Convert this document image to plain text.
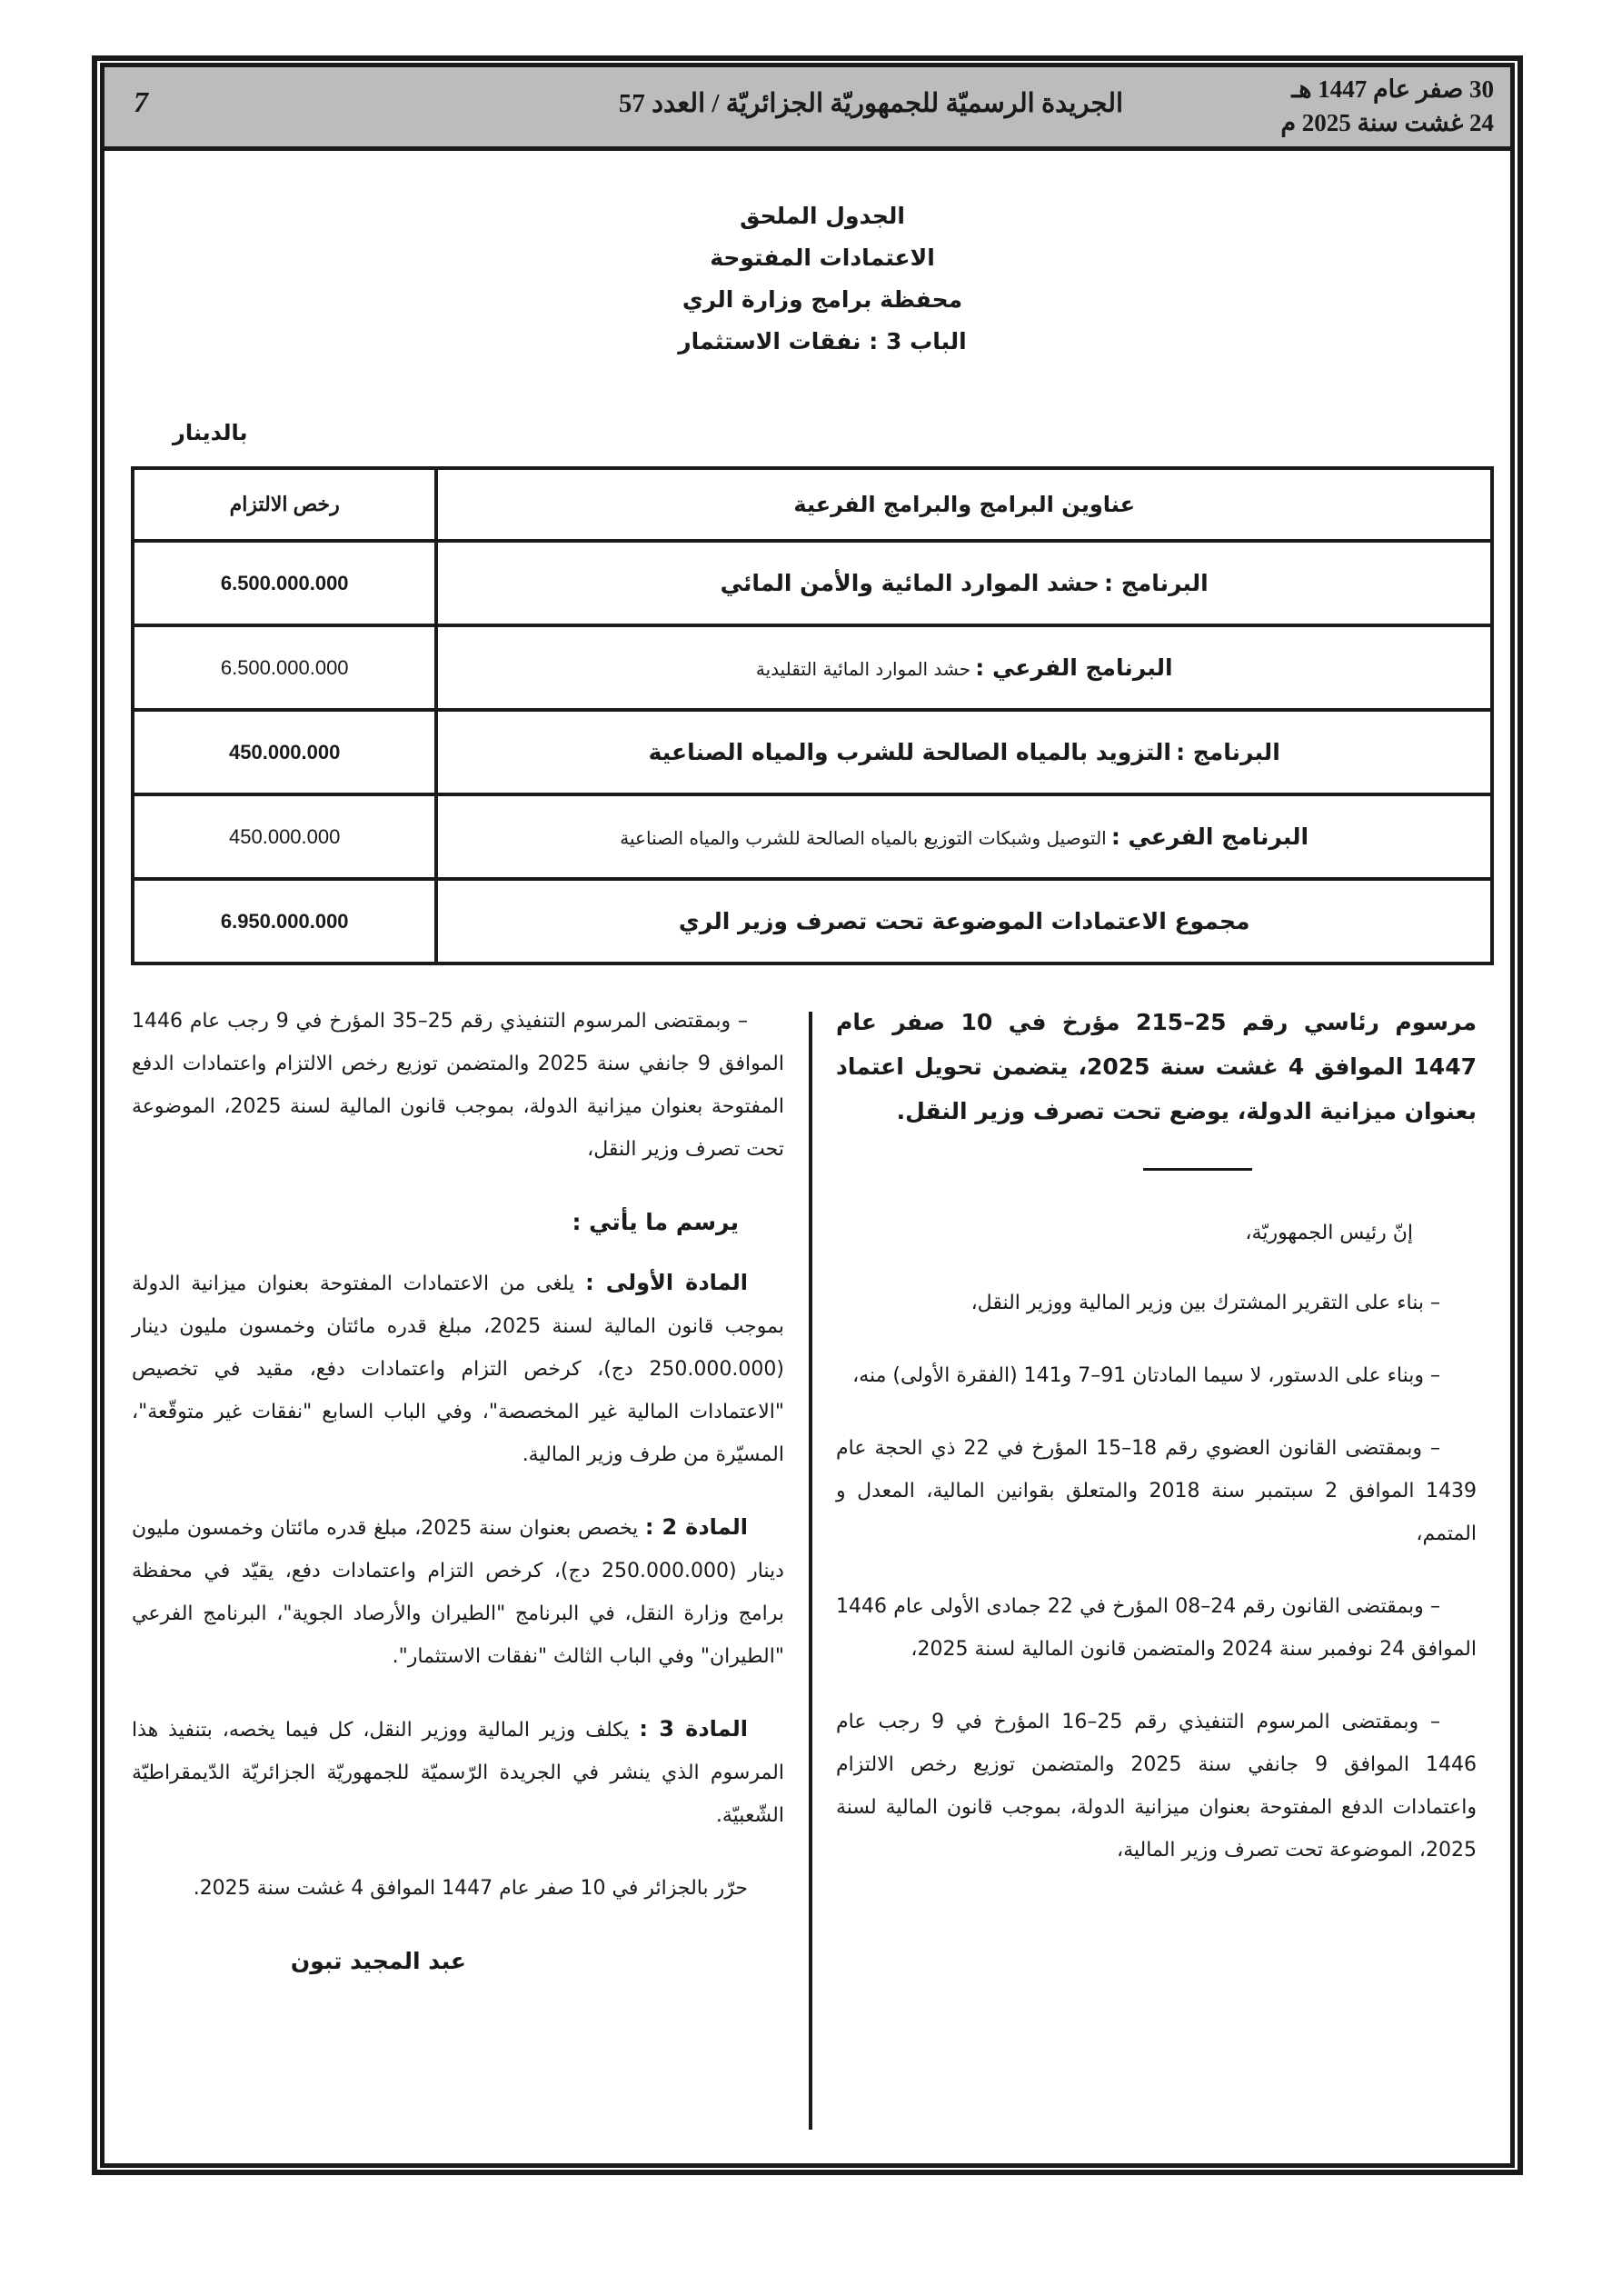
30 صفر عام 1447 هـ
24 غشت سنة 2025 م
الجريدة الرسميّة للجمهوريّة الجزائريّة / العدد 57
7
الجدول الملحق
الاعتمادات المفتوحة
محفظة برامج وزارة الري
الباب 3 : نفقات الاستثمار
بالدينار
عناوين البرامج والبرامج الفرعية	رخص الالتزام
البرنامج : حشد الموارد المائية والأمن المائي	6.500.000.000
البرنامج الفرعي : حشد الموارد المائية التقليدية	6.500.000.000
البرنامج : التزويد بالمياه الصالحة للشرب والمياه الصناعية	450.000.000
البرنامج الفرعي : التوصيل وشبكات التوزيع بالمياه الصالحة للشرب والمياه الصناعية	450.000.000
مجموع الاعتمادات الموضوعة تحت تصرف وزير الري	6.950.000.000
مرسوم رئاسي رقم 25–215 مؤرخ في 10 صفر عام 1447 الموافق 4 غشت سنة 2025، يتضمن تحويل اعتماد بعنوان ميزانية الدولة، يوضع تحت تصرف وزير النقل.
إنّ رئيس الجمهوريّة،
– بناء على التقرير المشترك بين وزير المالية ووزير النقل،
– وبناء على الدستور، لا سيما المادتان 91–7 و141 (الفقرة الأولى) منه،
– وبمقتضى القانون العضوي رقم 18–15 المؤرخ في 22 ذي الحجة عام 1439 الموافق 2 سبتمبر سنة 2018 والمتعلق بقوانين المالية، المعدل و المتمم،
– وبمقتضى القانون رقم 24–08 المؤرخ في 22 جمادى الأولى عام 1446 الموافق 24 نوفمبر سنة 2024 والمتضمن قانون المالية لسنة 2025،
– وبمقتضى المرسوم التنفيذي رقم 25–16 المؤرخ في 9 رجب عام 1446 الموافق 9 جانفي سنة 2025 والمتضمن توزيع رخص الالتزام واعتمادات الدفع المفتوحة بعنوان ميزانية الدولة، بموجب قانون المالية لسنة 2025، الموضوعة تحت تصرف وزير المالية،
– وبمقتضى المرسوم التنفيذي رقم 25–35 المؤرخ في 9 رجب عام 1446 الموافق 9 جانفي سنة 2025 والمتضمن توزيع رخص الالتزام واعتمادات الدفع المفتوحة بعنوان ميزانية الدولة، بموجب قانون المالية لسنة 2025، الموضوعة تحت تصرف وزير النقل،
يرسم ما يأتي :
المادة الأولى : يلغى من الاعتمادات المفتوحة بعنوان ميزانية الدولة بموجب قانون المالية لسنة 2025، مبلغ قدره مائتان وخمسون مليون دينار (250.000.000 دج)، كرخص التزام واعتمادات دفع، مقيد في تخصيص "الاعتمادات المالية غير المخصصة"، وفي الباب السابع "نفقات غير متوقّعة"، المسيّرة من طرف وزير المالية.
المادة 2 : يخصص بعنوان سنة 2025، مبلغ قدره مائتان وخمسون مليون دينار (250.000.000 دج)، كرخص التزام واعتمادات دفع، يقيّد في محفظة برامج وزارة النقل، في البرنامج "الطيران والأرصاد الجوية"، البرنامج الفرعي "الطيران" وفي الباب الثالث "نفقات الاستثمار".
المادة 3 : يكلف وزير المالية ووزير النقل، كل فيما يخصه، بتنفيذ هذا المرسوم الذي ينشر في الجريدة الرّسميّة للجمهوريّة الجزائريّة الدّيمقراطيّة الشّعبيّة.
حرّر بالجزائر في 10 صفر عام 1447 الموافق 4 غشت سنة 2025.
عبد المجيد تبون
